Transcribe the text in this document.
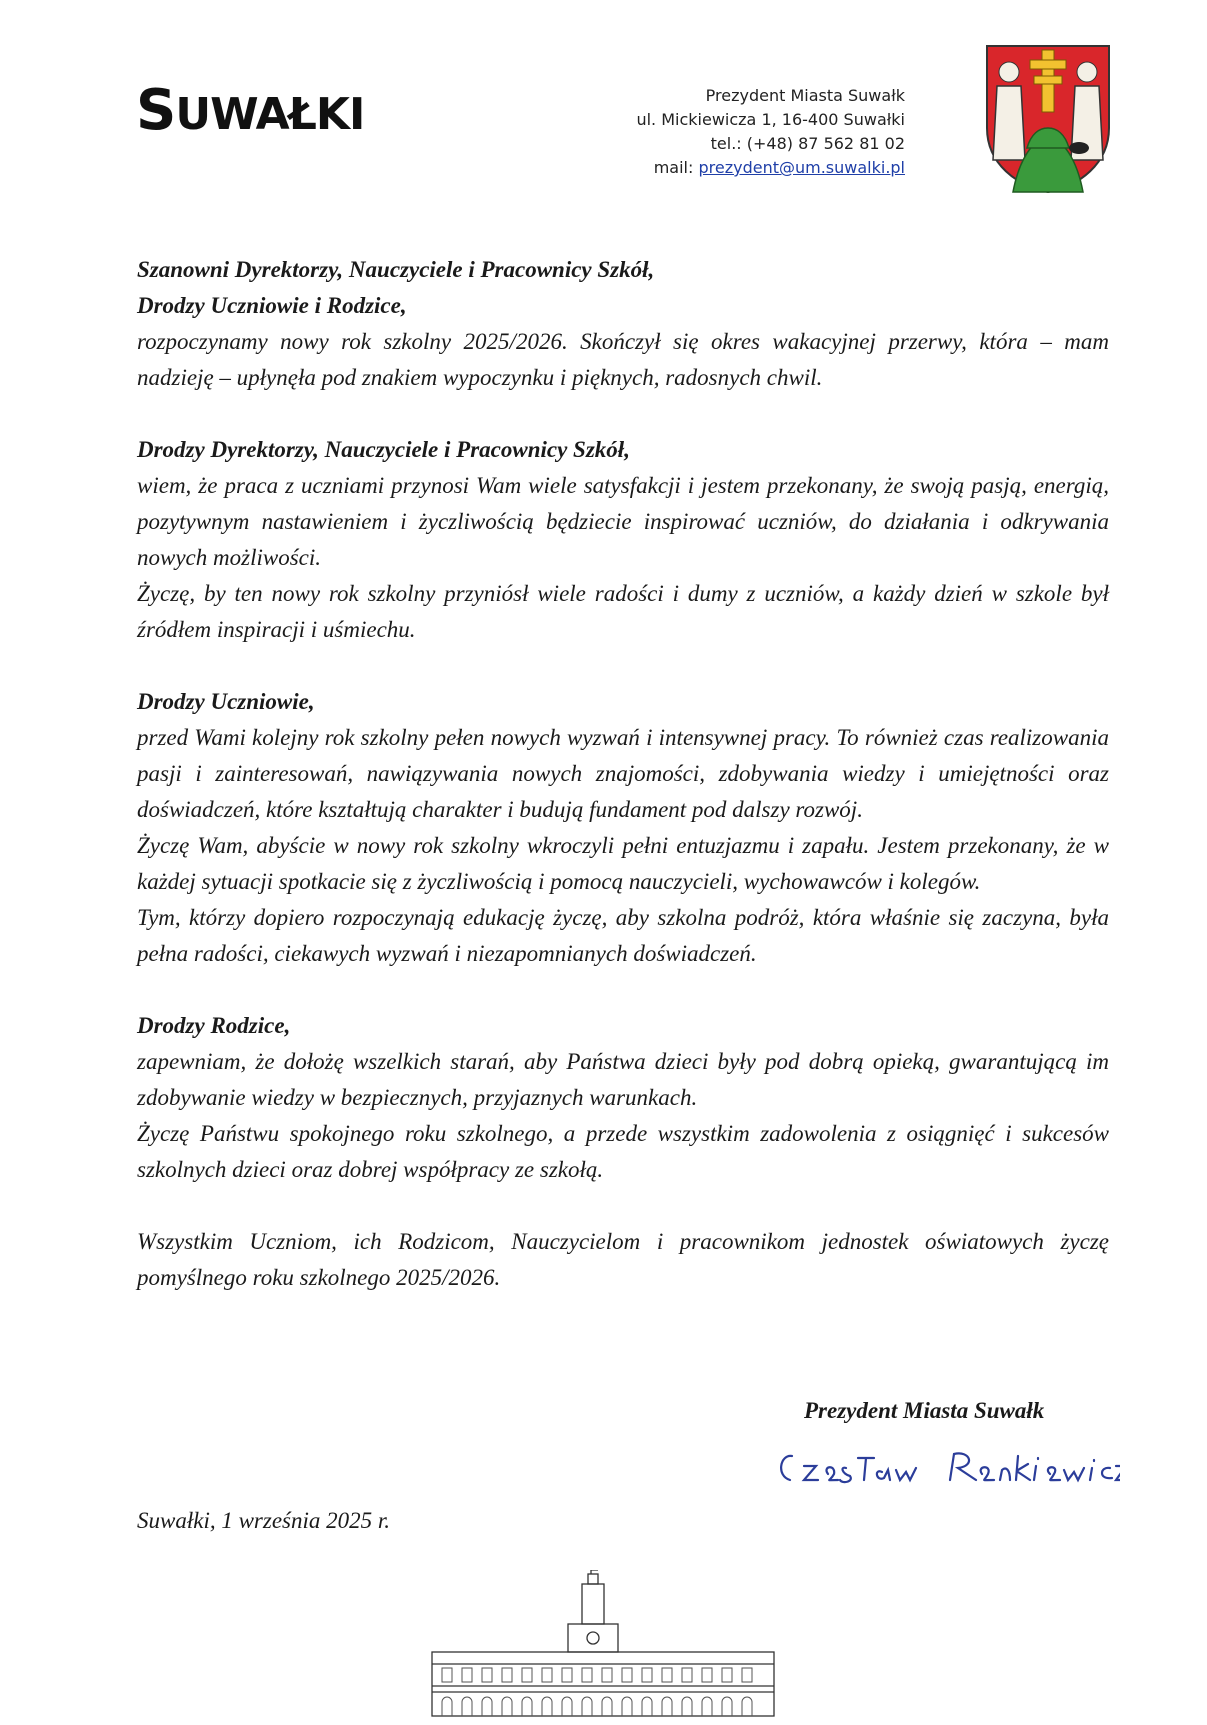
SUWAŁKI	Prezydent Miasta Suwałk
ul. Mickiewicza 1, 16-400 Suwałki
tel.: (+48) 87 562 81 02
mail: prezydent@um.suwalki.pl

Szanowni Dyrektorzy, Nauczyciele i Pracownicy Szkół,

Drodzy Uczniowie i Rodzice,

rozpoczynamy nowy rok szkolny 2025/2026. Skończył się okres wakacyjnej przerwy, która – mam nadzieję – upłynęła pod znakiem wypoczynku i pięknych, radosnych chwil.

Drodzy Dyrektorzy, Nauczyciele i Pracownicy Szkół,

wiem, że praca z uczniami przynosi Wam wiele satysfakcji i jestem przekonany, że swoją pasją, energią, pozytywnym nastawieniem i życzliwością będziecie inspirować uczniów, do działania i odkrywania nowych możliwości.

Życzę, by ten nowy rok szkolny przyniósł wiele radości i dumy z uczniów, a każdy dzień w szkole był źródłem inspiracji i uśmiechu.

Drodzy Uczniowie,

przed Wami kolejny rok szkolny pełen nowych wyzwań i intensywnej pracy. To również czas realizowania pasji i zainteresowań, nawiązywania nowych znajomości, zdobywania wiedzy i umiejętności oraz doświadczeń, które kształtują charakter i budują fundament pod dalszy rozwój.

Życzę Wam, abyście w nowy rok szkolny wkroczyli pełni entuzjazmu i zapału. Jestem przekonany, że w każdej sytuacji spotkacie się z życzliwością i pomocą nauczycieli, wychowawców i kolegów.

Tym, którzy dopiero rozpoczynają edukację życzę, aby szkolna podróż, która właśnie się zaczyna, była pełna radości, ciekawych wyzwań i niezapomnianych doświadczeń.

Drodzy Rodzice,

zapewniam, że dołożę wszelkich starań, aby Państwa dzieci były pod dobrą opieką, gwarantującą im zdobywanie wiedzy w bezpiecznych, przyjaznych warunkach.

Życzę Państwu spokojnego roku szkolnego, a przede wszystkim zadowolenia z osiągnięć i sukcesów szkolnych dzieci oraz dobrej współpracy ze szkołą.

Wszystkim Uczniom, ich Rodzicom, Nauczycielom i pracownikom jednostek oświatowych życzę pomyślnego roku szkolnego 2025/2026.

Prezydent Miasta Suwałk
Czesław Renkiewicz
Suwałki, 1 września 2025 r.
